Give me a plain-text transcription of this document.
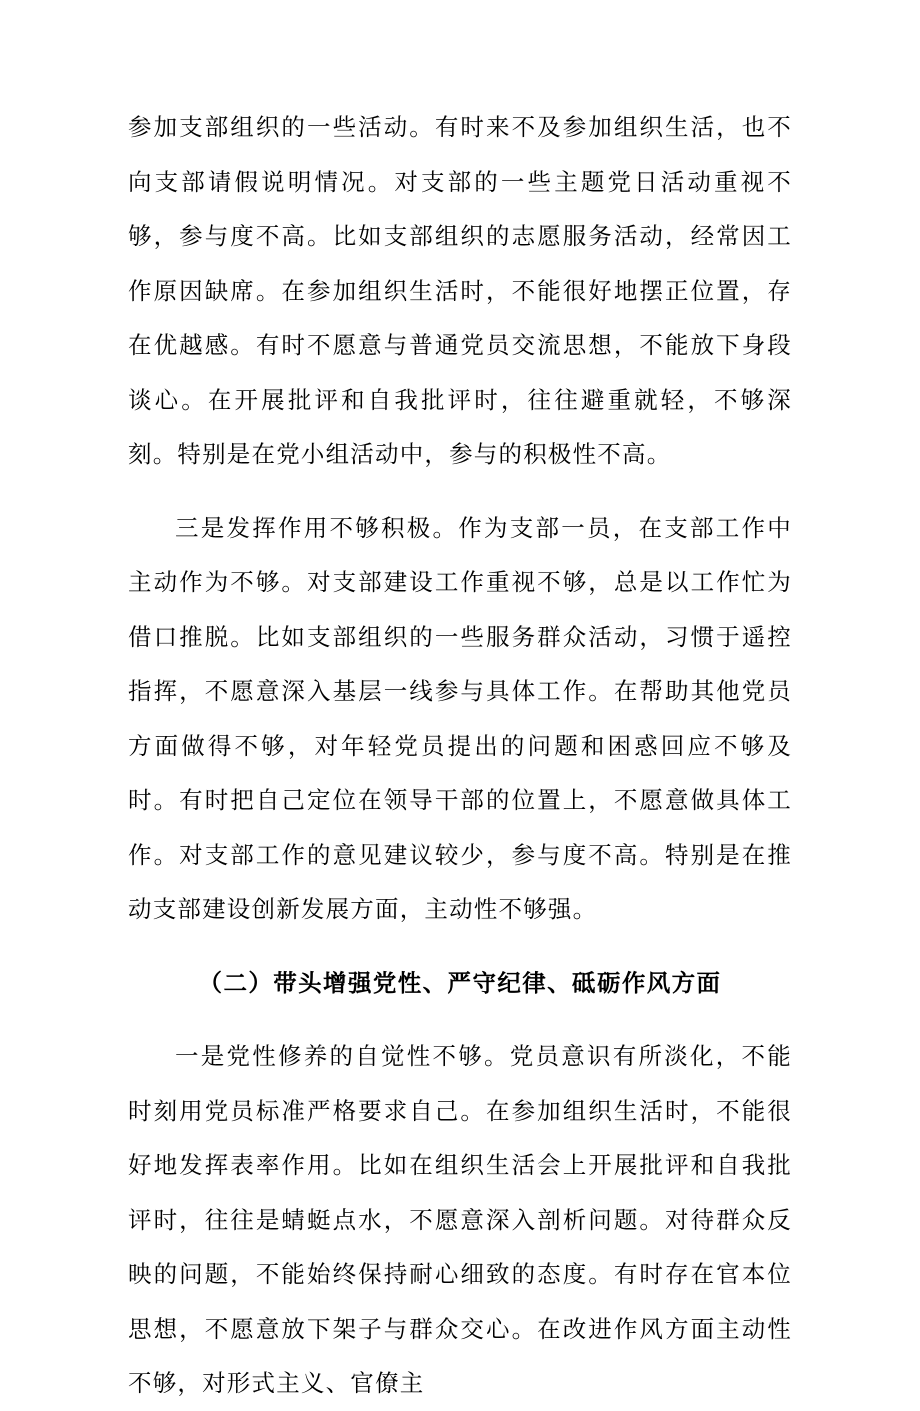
参加支部组织的一些活动。有时来不及参加组织生活，也不向支部请假说明情况。对支部的一些主题党日活动重视不够，参与度不高。比如支部组织的志愿服务活动，经常因工作原因缺席。在参加组织生活时，不能很好地摆正位置，存在优越感。有时不愿意与普通党员交流思想，不能放下身段谈心。在开展批评和自我批评时，往往避重就轻，不够深刻。特别是在党小组活动中，参与的积极性不高。

三是发挥作用不够积极。作为支部一员，在支部工作中主动作为不够。对支部建设工作重视不够，总是以工作忙为借口推脱。比如支部组织的一些服务群众活动，习惯于遥控指挥，不愿意深入基层一线参与具体工作。在帮助其他党员方面做得不够，对年轻党员提出的问题和困惑回应不够及时。有时把自己定位在领导干部的位置上，不愿意做具体工作。对支部工作的意见建议较少，参与度不高。特别是在推动支部建设创新发展方面，主动性不够强。

（二）带头增强党性、严守纪律、砥砺作风方面

一是党性修养的自觉性不够。党员意识有所淡化，不能时刻用党员标准严格要求自己。在参加组织生活时，不能很好地发挥表率作用。比如在组织生活会上开展批评和自我批评时，往往是蜻蜓点水，不愿意深入剖析问题。对待群众反映的问题，不能始终保持耐心细致的态度。有时存在官本位思想，不愿意放下架子与群众交心。在改进作风方面主动性不够，对形式主义、官僚主
